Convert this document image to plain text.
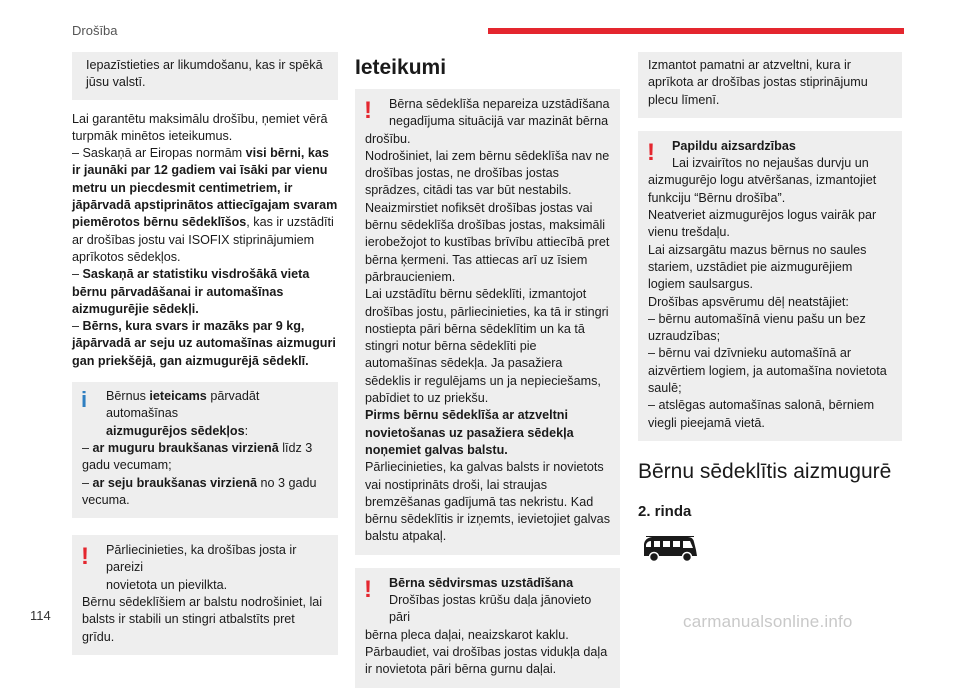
Drošība

Iepazīstieties ar likumdošanu, kas ir spēkā jūsu valstī.

Lai garantētu maksimālu drošību, ņemiet vērā

turpmāk minētos ieteikumus.

– Saskaņā ar Eiropas normām visi bērni, kas ir jaunāki par 12 gadiem vai īsāki par vienu metru un piecdesmit centimetriem, ir jāpārvadā apstiprinātos attiecīgajam svaram piemērotos bērnu sēdeklīšos, kas ir uzstādīti ar drošības jostu vai ISOFIX stiprinājumiem aprīkotos sēdekļos.

– Saskaņā ar statistiku visdrošākā vieta bērnu pārvadāšanai ir automašīnas aizmugurējie sēdekļi.

– Bērns, kura svars ir mazāks par 9 kg, jāpārvadā ar seju uz automašīnas aizmuguri gan priekšējā, gan aizmugurējā sēdeklī.

i	Bērnus ieteicams pārvadāt automašīnas

aizmugurējos sēdekļos:

– ar muguru braukšanas virzienā līdz 3 gadu vecumam;

– ar seju braukšanas virzienā no 3 gadu vecuma.

!	Pārliecinieties, ka drošības josta ir pareizi

novietota un pievilkta.

Bērnu sēdeklīšiem ar balstu nodrošiniet, lai balsts ir stabili un stingri atbalstīts pret grīdu.

Ieteikumi
!	Bērna sēdeklīša nepareiza uzstādīšana

negadījuma situācijā var mazināt bērna

drošību.

Nodrošiniet, lai zem bērnu sēdeklīša nav ne drošības jostas, ne drošības jostas sprādzes, citādi tas var būt nestabils.

Neaizmirstiet nofiksēt drošības jostas vai bērnu sēdeklīša drošības jostas, maksimāli ierobežojot to kustības brīvību attiecībā pret bērna ķermeni. Tas attiecas arī uz īsiem pārbraucieniem.

Lai uzstādītu bērnu sēdeklīti, izmantojot drošības jostu, pārliecinieties, ka tā ir stingri nostiepta pāri bērna sēdeklītim un ka tā stingri notur bērna sēdeklīti pie automašīnas sēdekļa. Ja pasažiera sēdeklis ir regulējams un ja nepieciešams, pabīdiet to uz priekšu.

Pirms bērnu sēdeklīša ar atzveltni novietošanas uz pasažiera sēdekļa noņemiet galvas balstu.

Pārliecinieties, ka galvas balsts ir novietots vai nostiprināts droši, lai straujas bremzēšanas gadījumā tas nekristu. Kad bērnu sēdeklītis ir izņemts, ievietojiet galvas balstu atpakaļ.

!	Bērna sēdvirsmas uzstādīšana

Drošības jostas krūšu daļa jānovieto pāri

bērna pleca daļai, neaizskarot kaklu. Pārbaudiet, vai drošības jostas vidukļa daļa ir novietota pāri bērna gurnu daļai.

Izmantot pamatni ar atzveltni, kura ir aprīkota ar drošības jostas stiprinājumu plecu līmenī.

!	Papildu aizsardzības

Lai izvairītos no nejaušas durvju un

aizmugurējo logu atvēršanas, izmantojiet funkciju “Bērnu drošība”.

Neatveriet aizmugurējos logus vairāk par vienu trešdaļu.

Lai aizsargātu mazus bērnus no saules stariem, uzstādiet pie aizmugurējiem logiem saulsargus.

Drošības apsvērumu dēļ neatstājiet:

– bērnu automašīnā vienu pašu un bez uzraudzības;

– bērnu vai dzīvnieku automašīnā ar aizvērtiem logiem, ja automašīna novietota saulē;

– atslēgas automašīnas salonā, bērniem viegli pieejamā vietā.

Bērnu sēdeklītis aizmugurē
2. rinda
114	carmanualsonline.info
